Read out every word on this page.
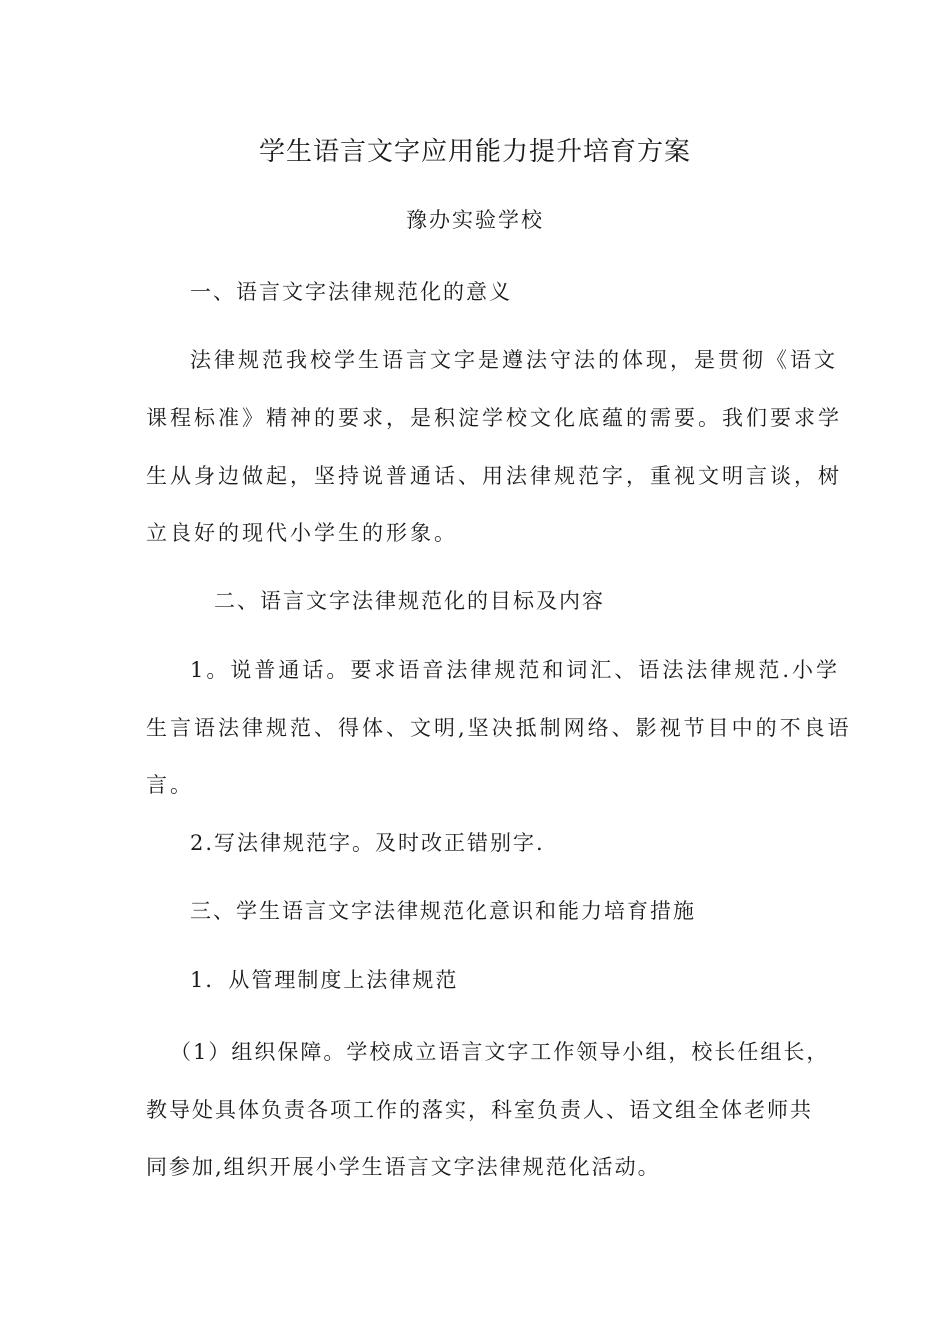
学生语言文字应用能力提升培育方案
豫办实验学校
一、语言文字法律规范化的意义
法律规范我校学生语言文字是遵法守法的体现，是贯彻《语文
课程标准》精神的要求，是积淀学校文化底蕴的需要。我们要求学
生从身边做起，坚持说普通话、用法律规范字，重视文明言谈，树
立良好的现代小学生的形象。
二、语言文字法律规范化的目标及内容
1。说普通话。要求语音法律规范和词汇、语法法律规范.小学
生言语法律规范、得体、文明,坚决抵制网络、影视节目中的不良语
言。
2.写法律规范字。及时改正错别字.
三、学生语言文字法律规范化意识和能力培育措施
1．从管理制度上法律规范
（1）组织保障。学校成立语言文字工作领导小组，校长任组长，
教导处具体负责各项工作的落实，科室负责人、语文组全体老师共
同参加,组织开展小学生语言文字法律规范化活动。
